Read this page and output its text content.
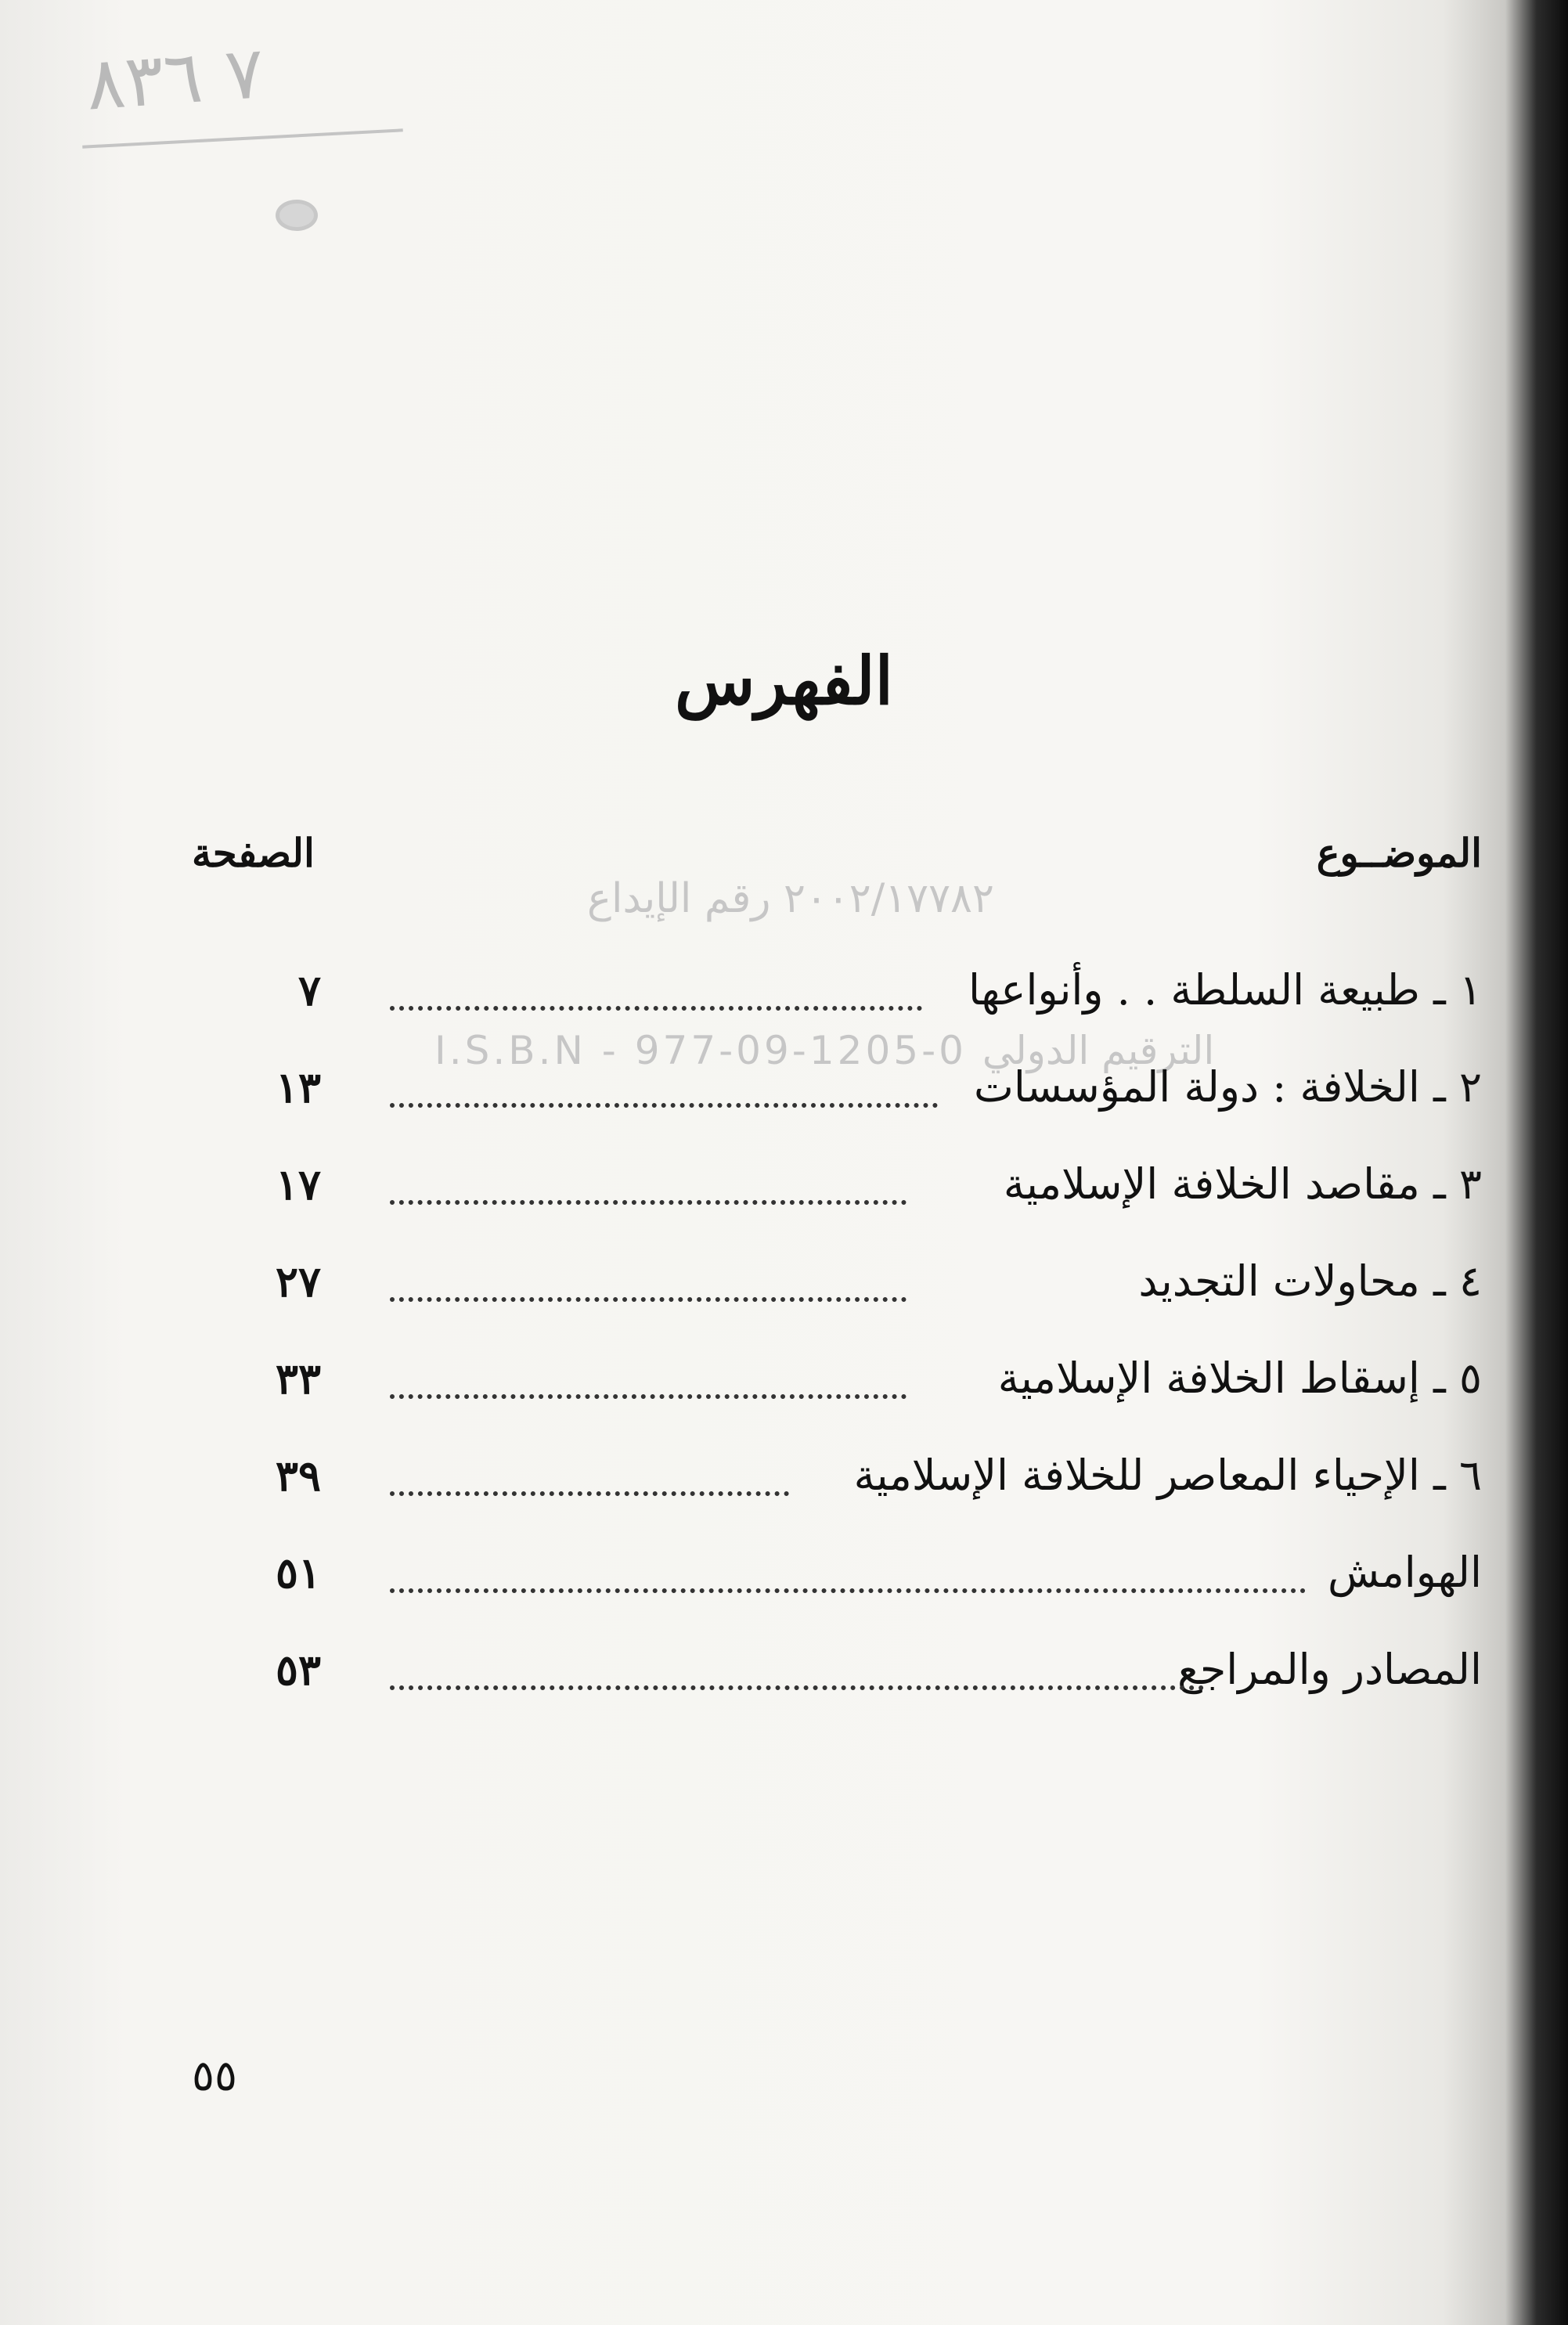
٧ ٨٣٦
الفهرس
الموضــوع
الصفحة
٢٠٠٢/١٧٧٨٢ رقم الإيداع
I.S.B.N - 977-09-1205-0 الترقيم الدولي
١ ـ طبيعة السلطة . . وأنواعها
٧
٢ ـ الخلافة : دولة المؤسسات
١٣
٣ ـ مقاصد الخلافة الإسلامية
١٧
٤ ـ محاولات التجديد
٢٧
٥ ـ إسقاط الخلافة الإسلامية
٣٣
٦ ـ الإحياء المعاصر للخلافة الإسلامية
٣٩
الهوامش
٥١
المصادر والمراجع
٥٣
٥٥
